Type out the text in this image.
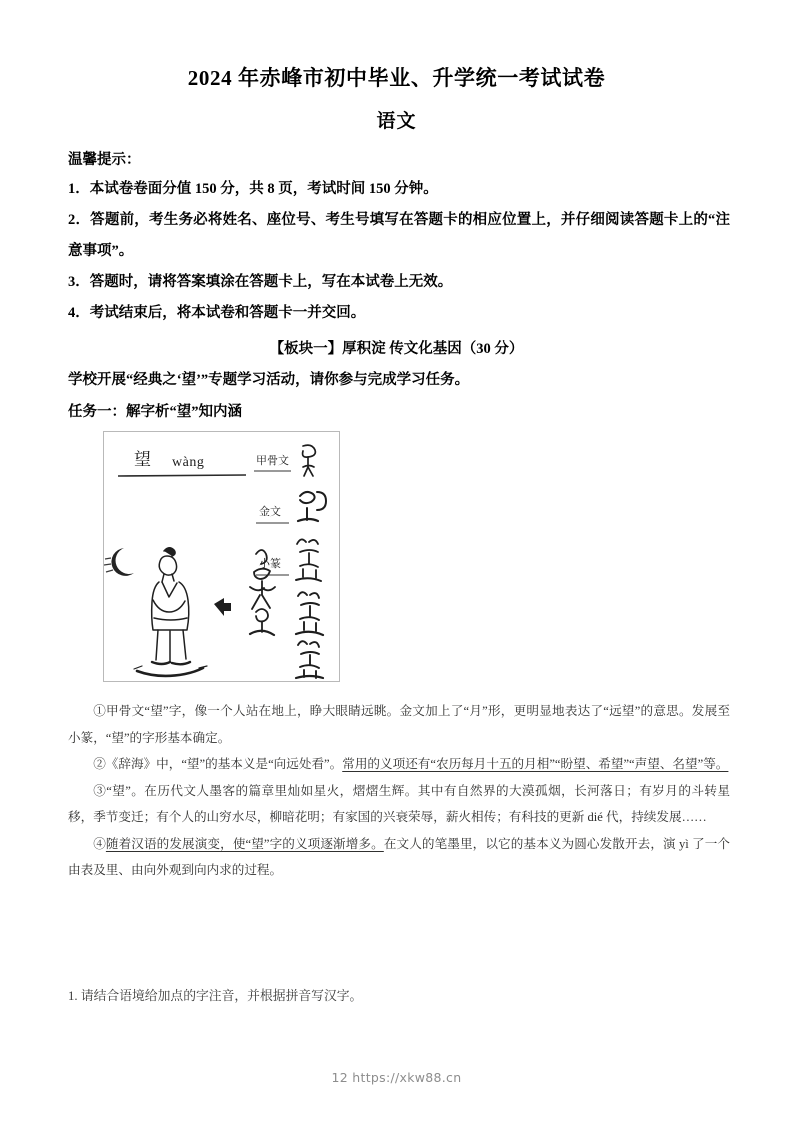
2024 年赤峰市初中毕业、升学统一考试试卷
语文
温馨提示：

1．本试卷卷面分值 150 分，共 8 页，考试时间 150 分钟。

2．答题前，考生务必将姓名、座位号、考生号填写在答题卡的相应位置上，并仔细阅读答题卡上的“注意事项”。

3．答题时，请将答案填涂在答题卡上，写在本试卷上无效。

4．考试结束后，将本试卷和答题卡一并交回。

【板块一】厚积淀 传文化基因（30 分）
学校开展“经典之‘望’”专题学习活动，请你参与完成学习任务。
任务一：解字析“望”知内涵
望 wàng	甲骨文
金文
小篆

①甲骨文“望”字，像一个人站在地上，睁大眼睛远眺。金文加上了“月”形，更明显地表达了“远望”的意思。发展至小篆，“望”的字形基本确定。

②《辞海》中，“望”的基本义是“向远处看”。常用的义项还有“农历每月十五的月相”“盼望、希望”“声望、名望”等。

③“望”。在历代文人墨客的篇章里灿如星火，熠熠生辉。其中有自然界的大漠孤烟，长河落日；有岁月的斗转星移，季节变迁；有个人的山穷水尽，柳暗花明；有家国的兴衰荣辱，薪火相传；有科技的更新 dié 代，持续发展……

④随着汉语的发展演变，使“望”字的义项逐渐增多。在文人的笔墨里，以它的基本义为圆心发散开去，演 yì 了一个由表及里、由向外观到向内求的过程。

1. 请结合语境给加点的字注音，并根据拼音写汉字。
12 https://xkw88.cn
